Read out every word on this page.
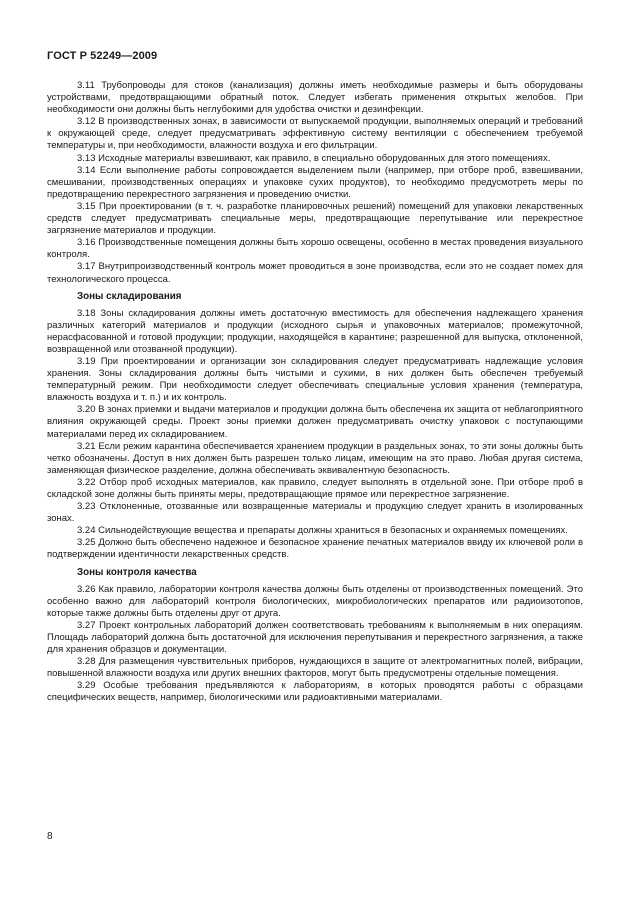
ГОСТ Р 52249—2009

3.11 Трубопроводы для стоков (канализация) должны иметь необходимые размеры и быть оборудованы устройствами, предотвращающими обратный поток. Следует избегать применения открытых желобов. При необходимости они должны быть неглубокими для удобства очистки и дезинфекции.

3.12 В производственных зонах, в зависимости от выпускаемой продукции, выполняемых операций и требований к окружающей среде, следует предусматривать эффективную систему вентиляции с обеспечением требуемой температуры и, при необходимости, влажности воздуха и его фильтрации.

3.13 Исходные материалы взвешивают, как правило, в специально оборудованных для этого помещениях.

3.14 Если выполнение работы сопровождается выделением пыли (например, при отборе проб, взвешивании, смешивании, производственных операциях и упаковке сухих продуктов), то необходимо предусмотреть меры по предотвращению перекрестного загрязнения и проведению очистки.

3.15 При проектировании (в т. ч. разработке планировочных решений) помещений для упаковки лекарственных средств следует предусматривать специальные меры, предотвращающие перепутывание или перекрестное загрязнение материалов и продукции.

3.16 Производственные помещения должны быть хорошо освещены, особенно в местах проведения визуального контроля.

3.17 Внутрипроизводственный контроль может проводиться в зоне производства, если это не создает помех для технологического процесса.

Зоны складирования

3.18 Зоны складирования должны иметь достаточную вместимость для обеспечения надлежащего хранения различных категорий материалов и продукции (исходного сырья и упаковочных материалов; промежуточной, нерасфасованной и готовой продукции; продукции, находящейся в карантине; разрешенной для выпуска, отклоненной, возвращенной или отозванной продукции).

3.19 При проектировании и организации зон складирования следует предусматривать надлежащие условия хранения. Зоны складирования должны быть чистыми и сухими, в них должен быть обеспечен требуемый температурный режим. При необходимости следует обеспечивать специальные условия хранения (температура, влажность воздуха и т. п.) и их контроль.

3.20 В зонах приемки и выдачи материалов и продукции должна быть обеспечена их защита от неблагоприятного влияния окружающей среды. Проект зоны приемки должен предусматривать очистку упаковок с поступающими материалами перед их складированием.

3.21 Если режим карантина обеспечивается хранением продукции в раздельных зонах, то эти зоны должны быть четко обозначены. Доступ в них должен быть разрешен только лицам, имеющим на это право. Любая другая система, заменяющая физическое разделение, должна обеспечивать эквивалентную безопасность.

3.22 Отбор проб исходных материалов, как правило, следует выполнять в отдельной зоне. При отборе проб в складской зоне должны быть приняты меры, предотвращающие прямое или перекрестное загрязнение.

3.23 Отклоненные, отозванные или возвращенные материалы и продукцию следует хранить в изолированных зонах.

3.24 Сильнодействующие вещества и препараты должны храниться в безопасных и охраняемых помещениях.

3.25 Должно быть обеспечено надежное и безопасное хранение печатных материалов ввиду их ключевой роли в подтверждении идентичности лекарственных средств.

Зоны контроля качества

3.26 Как правило, лаборатории контроля качества должны быть отделены от производственных помещений. Это особенно важно для лабораторий контроля биологических, микробиологических препаратов или радиоизотопов, которые также должны быть отделены друг от друга.

3.27 Проект контрольных лабораторий должен соответствовать требованиям к выполняемым в них операциям. Площадь лабораторий должна быть достаточной для исключения перепутывания и перекрестного загрязнения, а также для хранения образцов и документации.

3.28 Для размещения чувствительных приборов, нуждающихся в защите от электромагнитных полей, вибрации, повышенной влажности воздуха или других внешних факторов, могут быть предусмотрены отдельные помещения.

3.29 Особые требования предъявляются к лабораториям, в которых проводятся работы с образцами специфических веществ, например, биологическими или радиоактивными материалами.

8
